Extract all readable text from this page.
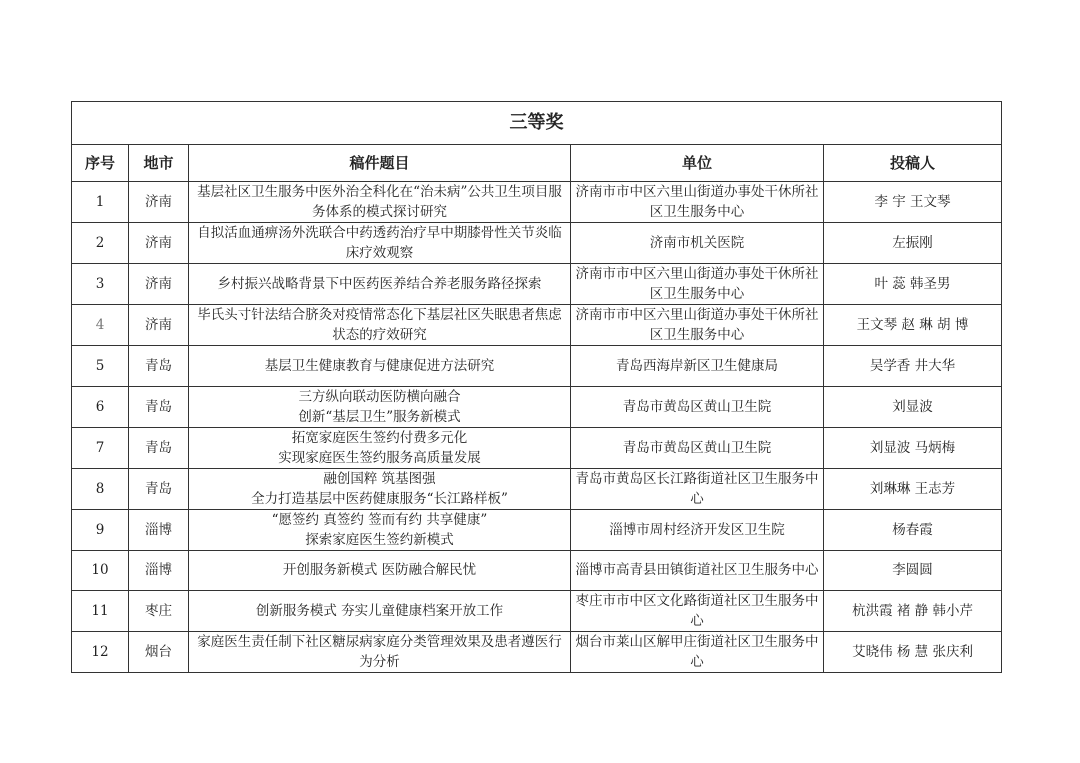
三等奖				
序号	地市	稿件题目	单位	投稿人
1	济南	基层社区卫生服务中医外治全科化在“治未病”公共卫生项目服务体系的模式探讨研究	济南市市中区六里山街道办事处干休所社区卫生服务中心	李 宇 王文琴
2	济南	自拟活血通痹汤外洗联合中药透药治疗早中期膝骨性关节炎临床疗效观察	济南市机关医院	左振刚
3	济南	乡村振兴战略背景下中医药医养结合养老服务路径探索	济南市市中区六里山街道办事处干休所社区卫生服务中心	叶 蕊 韩圣男
4	济南	毕氏头寸针法结合脐灸对疫情常态化下基层社区失眠患者焦虑状态的疗效研究	济南市市中区六里山街道办事处干休所社区卫生服务中心	王文琴 赵 琳 胡 博
5	青岛	基层卫生健康教育与健康促进方法研究	青岛西海岸新区卫生健康局	吴学香 井大华
6	青岛	三方纵向联动医防横向融合
创新“基层卫生”服务新模式	青岛市黄岛区黄山卫生院	刘显波
7	青岛	拓宽家庭医生签约付费多元化
实现家庭医生签约服务高质量发展	青岛市黄岛区黄山卫生院	刘显波 马炳梅
8	青岛	融创国粹 筑基图强
全力打造基层中医药健康服务“长江路样板”	青岛市黄岛区长江路街道社区卫生服务中心	刘琳琳 王志芳
9	淄博	“愿签约 真签约 签而有约 共享健康”
探索家庭医生签约新模式	淄博市周村经济开发区卫生院	杨春霞
10	淄博	开创服务新模式 医防融合解民忧	淄博市高青县田镇街道社区卫生服务中心	李圆圆
11	枣庄	创新服务模式 夯实儿童健康档案开放工作	枣庄市市中区文化路街道社区卫生服务中心	杭洪霞 褚 静 韩小芹
12	烟台	家庭医生责任制下社区糖尿病家庭分类管理效果及患者遵医行为分析	烟台市莱山区解甲庄街道社区卫生服务中心	艾晓伟 杨 慧 张庆利
